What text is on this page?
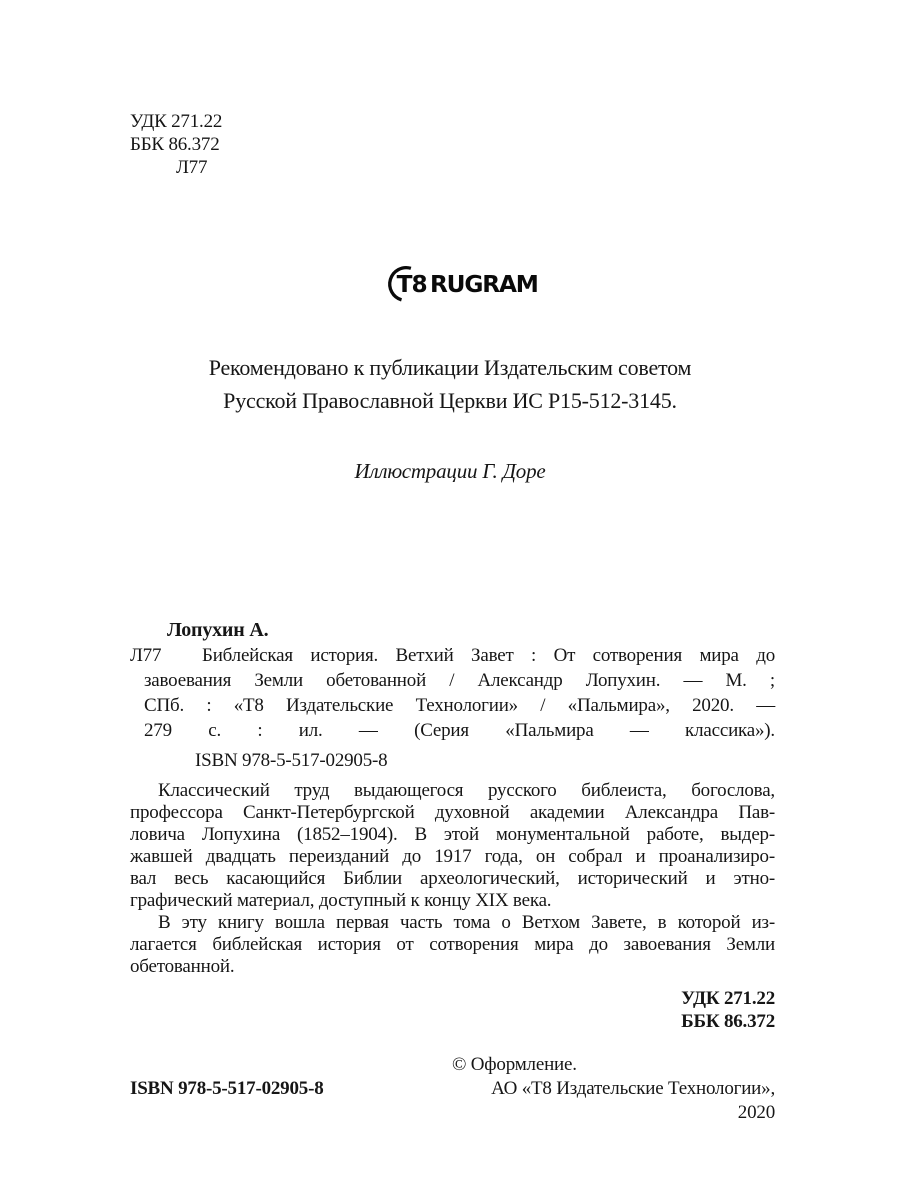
УДК 271.22
ББК 86.372
Л77
T8 RUGRAM
Рекомендовано к публикации Издательским советом
Русской Православной Церкви ИС Р15-512-3145.
Иллюстрации Г. Доре
Лопухин А.
Библейская история. Ветхий Завет : От сотворения мира до
завоевания Земли обетованной / Александр Лопухин. — М. ;
СПб. : «Т8 Издательские Технологии» / «Пальмира», 2020. —
279 с. : ил. — (Серия «Пальмира — классика»).
Л77
ISBN 978-5-517-02905-8
Классический труд выдающегося русского библеиста, богослова,
профессора Санкт-Петербургской духовной академии Александра Пав-
ловича Лопухина (1852–1904). В этой монументальной работе, выдер-
жавшей двадцать переизданий до 1917 года, он собрал и проанализиро-
вал весь касающийся Библии археологический, исторический и этно-
графический материал, доступный к концу XIX века.
В эту книгу вошла первая часть тома о Ветхом Завете, в которой из-
лагается библейская история от сотворения мира до завоевания Земли
обетованной.
УДК 271.22
ББК 86.372
ISBN 978-5-517-02905-8
© Оформление.
АО «Т8 Издательские Технологии», 2020
